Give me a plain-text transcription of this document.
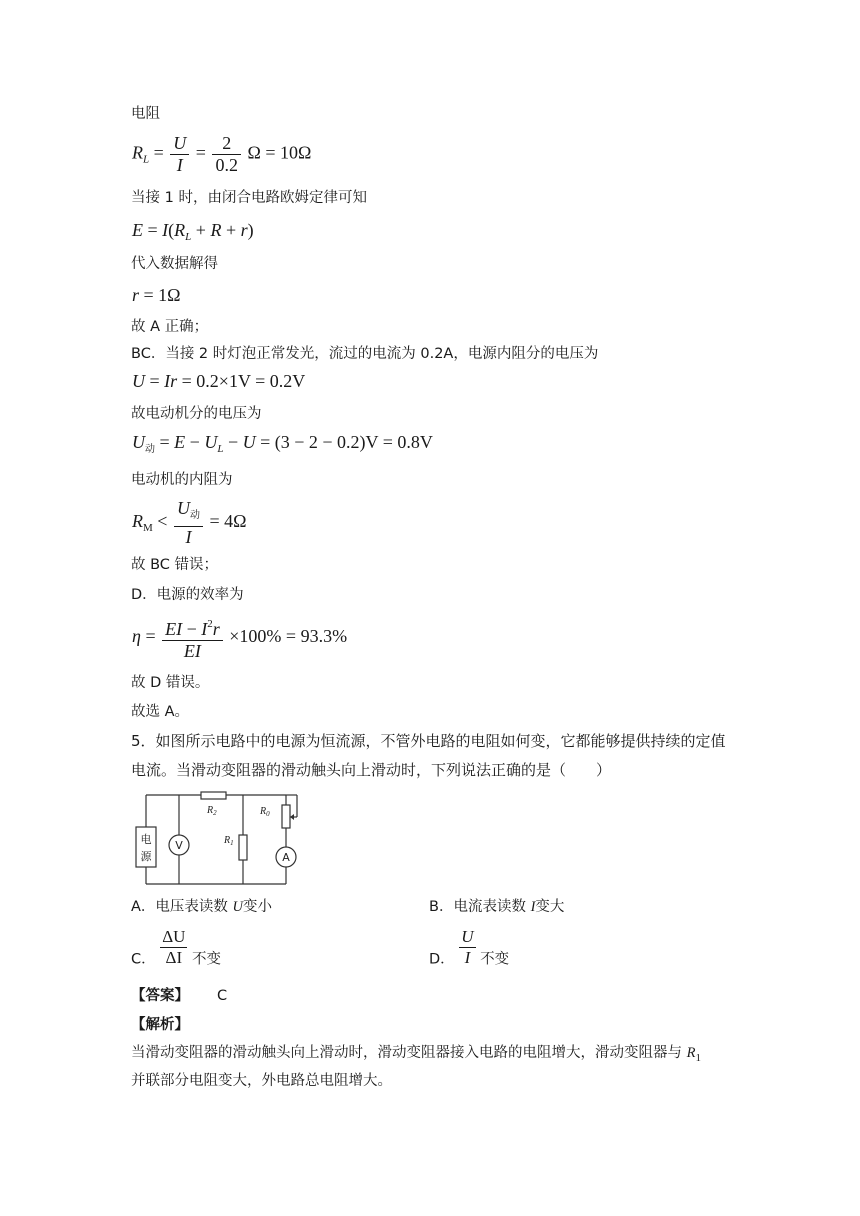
电阻
$R_L = \frac{U}{I} = \frac{2}{0.2}$ Ω = 10Ω
当接 1 时，由闭合电路欧姆定律可知
$E = I(R_L + R + r)$
代入数据解得
r = 1Ω
故 A 正确；
BC．当接 2 时灯泡正常发光，流过的电流为 0.2A，电源内阻分的电压为
U = Ir = 0.2×1V = 0.2V
故电动机分的电压为
$U_动 = E - U_L - U = (3 - 2 - 0.2)V = 0.8V$
电动机的内阻为
$R_M < \frac{U_动}{I} = 4\Omega$
故 BC 错误；
D．电源的效率为
$\eta = \frac{EI - I^2r}{EI} \times 100\% = 93.3\%$
故 D 错误。
故选 A。
5．如图所示电路中的电源为恒流源，不管外电路的电阻如何变，它都能够提供持续的定值
电流。当滑动变阻器的滑动触头向上滑动时，下列说法正确的是（　　）
电
源
V
$R_2$
$R_1$
$R_0$
A
A．电压表读数 U变小	B．电流表读数 I变大
C． $\frac{\Delta U}{\Delta I}$ 不变	D． $\frac{U}{I}$ 不变
【答案】 C
【解析】
当滑动变阻器的滑动触头向上滑动时，滑动变阻器接入电路的电阻增大，滑动变阻器与 $R_1$
并联部分电阻变大，外电路总电阻增大。
